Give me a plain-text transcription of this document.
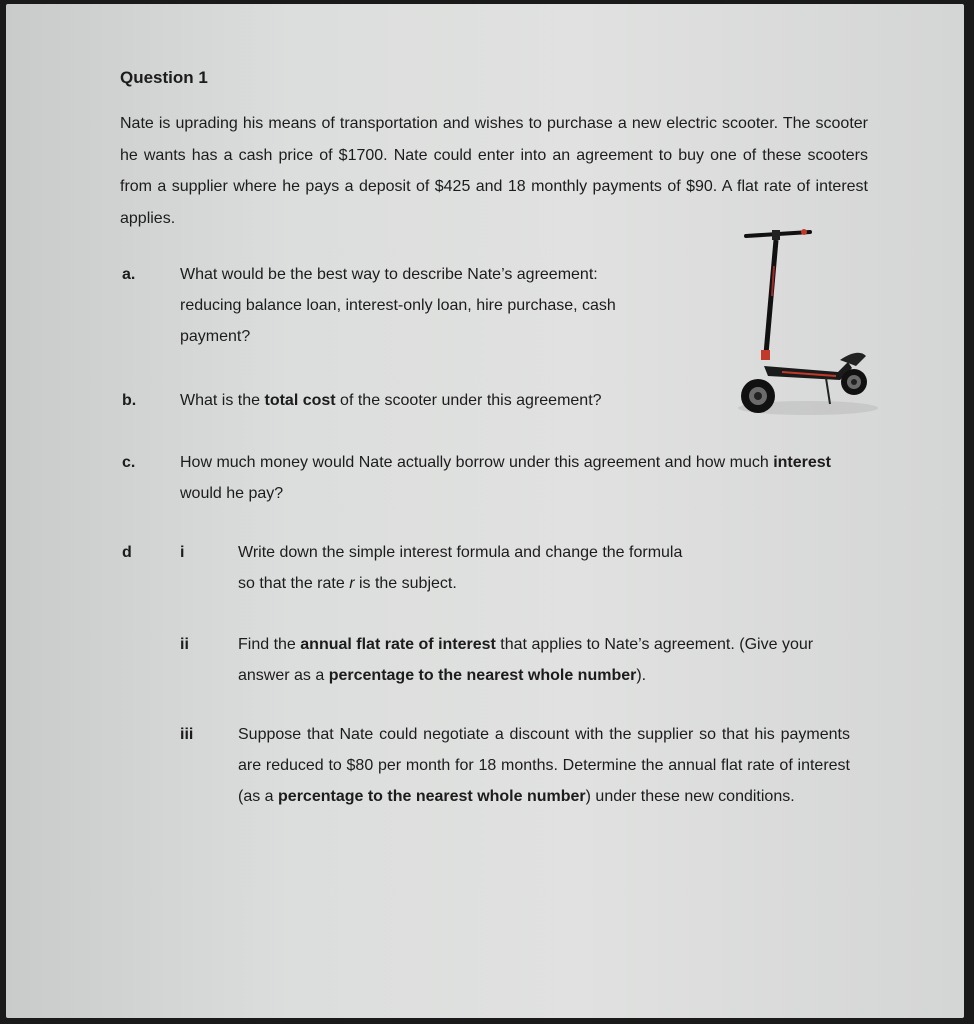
Question 1
Nate is uprading his means of transportation and wishes to purchase a new electric scooter. The scooter he wants has a cash price of $1700. Nate could enter into an agreement to buy one of these scooters from a supplier where he pays a deposit of $425 and 18 monthly payments of $90. A flat rate of interest applies.
a.	What would be the best way to describe Nate’s agreement: reducing balance loan, interest-only loan, hire purchase, cash payment?
b.	What is the total cost of the scooter under this agreement?
c.	How much money would Nate actually borrow under this agreement and how much interest would he pay?
d	i	Write down the simple interest formula and change the formula
so that the rate r is the subject.
ii	Find the annual flat rate of interest that applies to Nate’s agreement. (Give your answer as a percentage to the nearest whole number).
iii	Suppose that Nate could negotiate a discount with the supplier so that his payments are reduced to $80 per month for 18 months. Determine the annual flat rate of interest (as a percentage to the nearest whole number) under these new conditions.
